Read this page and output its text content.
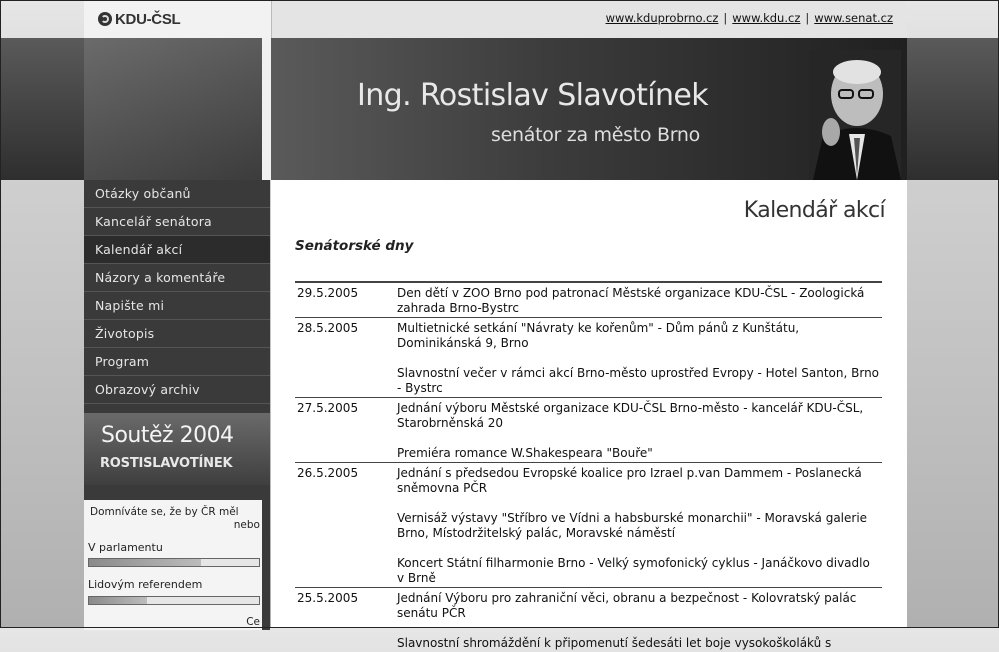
KDU-ČSL	www.kduprobrno.cz | www.kdu.cz | www.senat.cz
Ing. Rostislav Slavotínek
senátor za město Brno
Otázky občanů
Kancelář senátora
Kalendář akcí
Názory a komentáře
Napište mi
Životopis
Program
Obrazový archiv
Soutěž 2004
ROSTISLAVOTÍNEK
Domníváte se, že by ČR měl
nebo
V parlamentu
Lidovým referendem
Ce
Kalendář akcí
Senátorské dny
29.5.2005	Den dětí v ZOO Brno pod patronací Městské organizace KDU-ČSL - Zoologická zahrada Brno-Bystrc

28.5.2005	Multietnické setkání "Návraty ke kořenům" - Dům pánů z Kunštátu, Dominikánská 9, Brno
Slavnostní večer v rámci akcí Brno-město uprostřed Evropy - Hotel Santon, Brno - Bystrc

27.5.2005	Jednání výboru Městské organizace KDU-ČSL Brno-město - kancelář KDU-ČSL, Starobrněnská 20
Premiéra romance W.Shakespeara "Bouře"

26.5.2005	Jednání s předsedou Evropské koalice pro Izrael p.van Dammem - Poslanecká sněmovna PČR
Vernisáž výstavy "Stříbro ve Vídni a habsburské monarchii" - Moravská galerie Brno, Místodržitelský palác, Moravské náměstí
Koncert Státní filharmonie Brno - Velký symofonický cyklus - Janáčkovo divadlo v Brně

25.5.2005	Jednání Výboru pro zahraniční věci, obranu a bezpečnost - Kolovratský palác senátu PČR
Slavnostní shromáždění k připomenutí šedesáti let boje vysokoškoláků s
